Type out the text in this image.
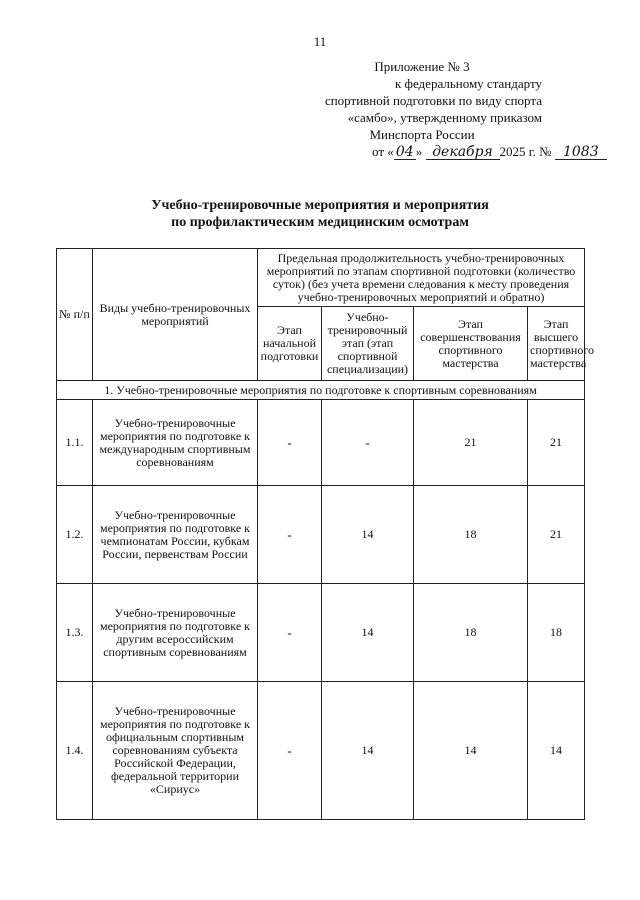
11
Приложение № 3
к федеральному стандарту
спортивной подготовки по виду спорта
«самбо», утвержденному приказом
Минспорта России
от « 04 » декабря 2025 г. № 1083
Учебно-тренировочные мероприятия и мероприятия
по профилактическим медицинским осмотрам
№ п/п	Виды учебно-тренировочных мероприятий	Предельная продолжительность учебно-тренировочных мероприятий по этапам спортивной подготовки (количество суток) (без учета времени следования к месту проведения учебно-тренировочных мероприятий и обратно)			
		Этап начальной подготовки	Учебно-тренировочный этап (этап спортивной специализации)	Этап совершенствования спортивного мастерства	Этап высшего спортивного мастерства
1. Учебно-тренировочные мероприятия по подготовке к спортивным соревнованиям					
1.1.	Учебно-тренировочные мероприятия по подготовке к международным спортивным соревнованиям	-	-	21	21
1.2.	Учебно-тренировочные мероприятия по подготовке к чемпионатам России, кубкам России, первенствам России	-	14	18	21
1.3.	Учебно-тренировочные мероприятия по подготовке к другим всероссийским спортивным соревнованиям	-	14	18	18
1.4.	Учебно-тренировочные мероприятия по подготовке к официальным спортивным соревнованиям субъекта Российской Федерации, федеральной территории «Сириус»	-	14	14	14
